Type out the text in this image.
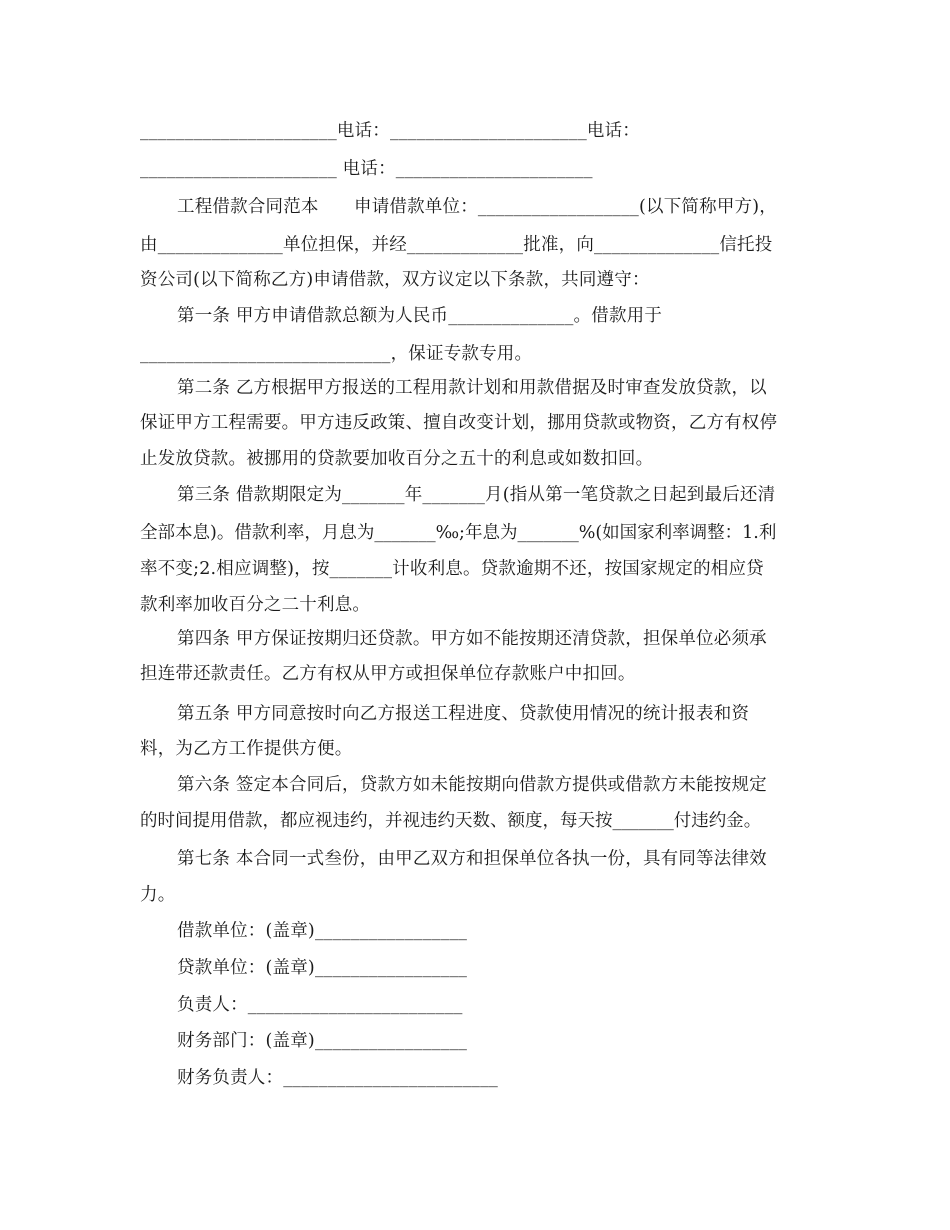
______________________电话：______________________电话：
______________________ 电话：______________________
工程借款合同范本　　申请借款单位：__________________(以下简称甲方)，
由______________单位担保，并经_____________批准，向______________信托投
资公司(以下简称乙方)申请借款，双方议定以下条款，共同遵守：
第一条 甲方申请借款总额为人民币______________。借款用于
____________________________，保证专款专用。
第二条 乙方根据甲方报送的工程用款计划和用款借据及时审查发放贷款，以
保证甲方工程需要。甲方违反政策、擅自改变计划，挪用贷款或物资，乙方有权停
止发放贷款。被挪用的贷款要加收百分之五十的利息或如数扣回。
第三条 借款期限定为_______年_______月(指从第一笔贷款之日起到最后还清
全部本息)。借款利率，月息为_______‰;年息为_______%(如国家利率调整：1.利
率不变;2.相应调整)，按_______计收利息。贷款逾期不还，按国家规定的相应贷
款利率加收百分之二十利息。
第四条 甲方保证按期归还贷款。甲方如不能按期还清贷款，担保单位必须承
担连带还款责任。乙方有权从甲方或担保单位存款账户中扣回。
第五条 甲方同意按时向乙方报送工程进度、贷款使用情况的统计报表和资
料，为乙方工作提供方便。
第六条 签定本合同后，贷款方如未能按期向借款方提供或借款方未能按规定
的时间提用借款，都应视违约，并视违约天数、额度，每天按_______付违约金。
第七条 本合同一式叁份，由甲乙双方和担保单位各执一份，具有同等法律效
力。
借款单位：(盖章)_________________
贷款单位：(盖章)_________________
负责人：________________________
财务部门：(盖章)_________________
财务负责人：________________________
